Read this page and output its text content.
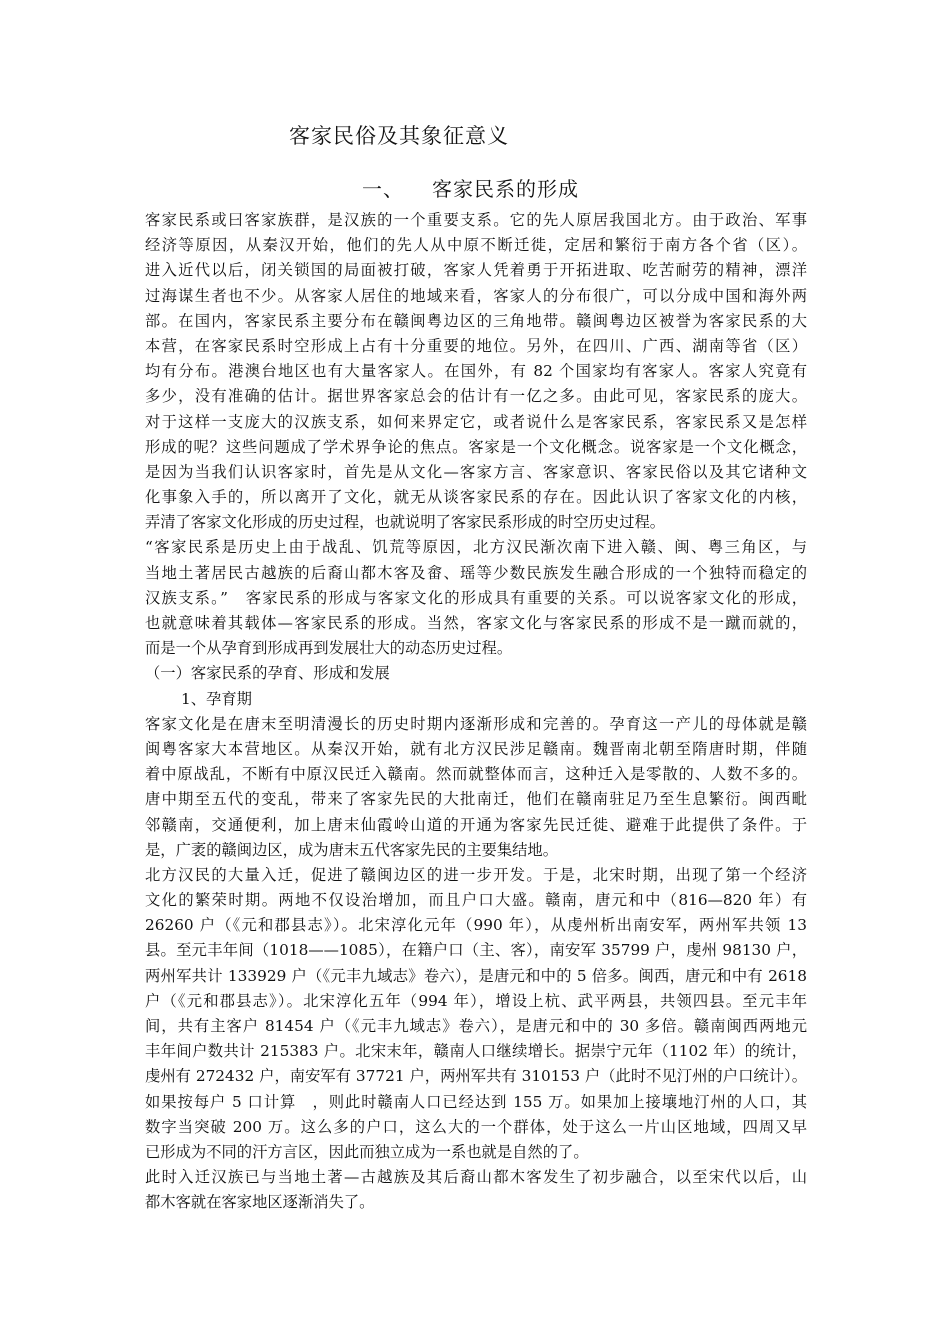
客家民俗及其象征意义
一、 客家民系的形成
客家民系或曰客家族群，是汉族的一个重要支系。它的先人原居我国北方。由于政治、军事
经济等原因，从秦汉开始，他们的先人从中原不断迁徙，定居和繁衍于南方各个省（区）。
进入近代以后，闭关锁国的局面被打破，客家人凭着勇于开拓进取、吃苦耐劳的精神，漂洋
过海谋生者也不少。从客家人居住的地域来看，客家人的分布很广，可以分成中国和海外两
部。在国内，客家民系主要分布在赣闽粤边区的三角地带。赣闽粤边区被誉为客家民系的大
本营，在客家民系时空形成上占有十分重要的地位。另外，在四川、广西、湖南等省（区）
均有分布。港澳台地区也有大量客家人。在国外，有 82 个国家均有客家人。客家人究竟有
多少，没有准确的估计。据世界客家总会的估计有一亿之多。由此可见，客家民系的庞大。
对于这样一支庞大的汉族支系，如何来界定它，或者说什么是客家民系，客家民系又是怎样
形成的呢？这些问题成了学术界争论的焦点。客家是一个文化概念。说客家是一个文化概念，
是因为当我们认识客家时，首先是从文化—客家方言、客家意识、客家民俗以及其它诸种文
化事象入手的，所以离开了文化，就无从谈客家民系的存在。因此认识了客家文化的内核，
弄清了客家文化形成的历史过程，也就说明了客家民系形成的时空历史过程。
“客家民系是历史上由于战乱、饥荒等原因，北方汉民渐次南下进入赣、闽、粤三角区，与
当地土著居民古越族的后裔山都木客及畲、瑶等少数民族发生融合形成的一个独特而稳定的
汉族支系。”　客家民系的形成与客家文化的形成具有重要的关系。可以说客家文化的形成，
也就意味着其载体—客家民系的形成。当然，客家文化与客家民系的形成不是一蹴而就的，
而是一个从孕育到形成再到发展壮大的动态历史过程。
（一）客家民系的孕育、形成和发展
1、孕育期
客家文化是在唐末至明清漫长的历史时期内逐渐形成和完善的。孕育这一产儿的母体就是赣
闽粤客家大本营地区。从秦汉开始，就有北方汉民涉足赣南。魏晋南北朝至隋唐时期，伴随
着中原战乱，不断有中原汉民迁入赣南。然而就整体而言，这种迁入是零散的、人数不多的。
唐中期至五代的变乱，带来了客家先民的大批南迁，他们在赣南驻足乃至生息繁衍。闽西毗
邻赣南，交通便利，加上唐末仙霞岭山道的开通为客家先民迁徙、避难于此提供了条件。于
是，广袤的赣闽边区，成为唐末五代客家先民的主要集结地。
北方汉民的大量入迁，促进了赣闽边区的进一步开发。于是，北宋时期，出现了第一个经济
文化的繁荣时期。两地不仅设治增加，而且户口大盛。赣南，唐元和中（816—820 年）有
26260 户（《元和郡县志》）。北宋淳化元年（990 年），从虔州析出南安军，两州军共领 13
县。至元丰年间（1018——1085），在籍户口（主、客），南安军 35799 户，虔州 98130 户，
两州军共计 133929 户（《元丰九域志》卷六），是唐元和中的 5 倍多。闽西，唐元和中有 2618
户（《元和郡县志》）。北宋淳化五年（994 年），增设上杭、武平两县，共领四县。至元丰年
间，共有主客户 81454 户（《元丰九域志》卷六），是唐元和中的 30 多倍。赣南闽西两地元
丰年间户数共计 215383 户。北宋末年，赣南人口继续增长。据崇宁元年（1102 年）的统计，
虔州有 272432 户，南安军有 37721 户，两州军共有 310153 户（此时不见汀州的户口统计）。
如果按每户 5 口计算　，则此时赣南人口已经达到 155 万。如果加上接壤地汀州的人口，其
数字当突破 200 万。这么多的户口，这么大的一个群体，处于这么一片山区地域，四周又早
已形成为不同的汗方言区，因此而独立成为一系也就是自然的了。
此时入迁汉族已与当地土著—古越族及其后裔山都木客发生了初步融合，以至宋代以后，山
都木客就在客家地区逐渐消失了。
